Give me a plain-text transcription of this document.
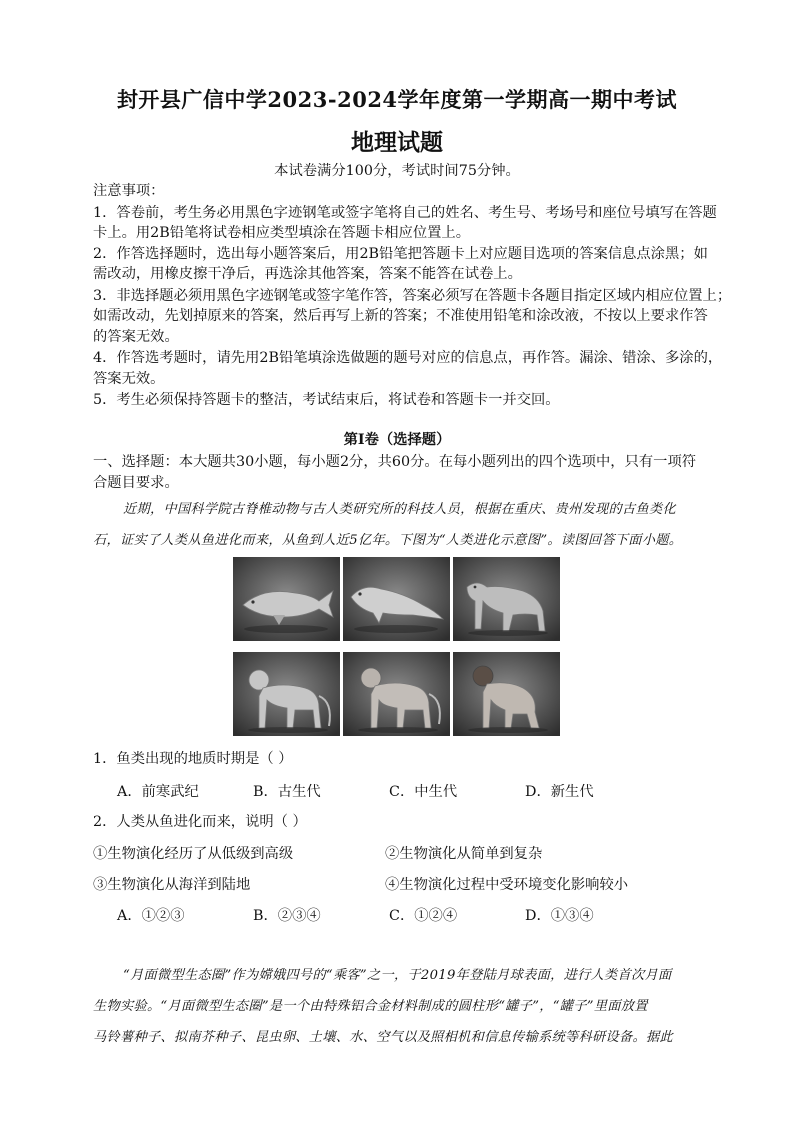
封开县广信中学2023-2024学年度第一学期高一期中考试
地理试题
本试卷满分100分，考试时间75分钟。
注意事项：
1．答卷前，考生务必用黑色字迹钢笔或签字笔将自己的姓名、考生号、考场号和座位号填写在答题
卡上。用2B铅笔将试卷相应类型填涂在答题卡相应位置上。
2．作答选择题时，选出每小题答案后，用2B铅笔把答题卡上对应题目选项的答案信息点涂黑；如
需改动，用橡皮擦干净后，再选涂其他答案，答案不能答在试卷上。
3．非选择题必须用黑色字迹钢笔或签字笔作答，答案必须写在答题卡各题目指定区域内相应位置上；
如需改动，先划掉原来的答案，然后再写上新的答案；不准使用铅笔和涂改液，不按以上要求作答
的答案无效。
4．作答选考题时，请先用2B铅笔填涂选做题的题号对应的信息点，再作答。漏涂、错涂、多涂的，
答案无效。
5．考生必须保持答题卡的整洁，考试结束后，将试卷和答题卡一并交回。
第Ⅰ卷（选择题）
一、选择题：本大题共30小题，每小题2分，共60分。在每小题列出的四个选项中，只有一项符
合题目要求。
近期，中国科学院古脊椎动物与古人类研究所的科技人员，根据在重庆、贵州发现的古鱼类化
石，证实了人类从鱼进化而来，从鱼到人近5亿年。下图为“人类进化示意图”。读图回答下面小题。
1．鱼类出现的地质时期是（ ）
A．前寒武纪	B．古生代	C．中生代	D．新生代
2．人类从鱼进化而来，说明（ ）
①生物演化经历了从低级到高级	②生物演化从简单到复杂
③生物演化从海洋到陆地	④生物演化过程中受环境变化影响较小
A．①②③	B．②③④	C．①②④	D．①③④
“月面微型生态圈”作为嫦娥四号的“乘客”之一，于2019年登陆月球表面，进行人类首次月面
生物实验。“月面微型生态圈”是一个由特殊铝合金材料制成的圆柱形“罐子”，“罐子”里面放置
马铃薯种子、拟南芥种子、昆虫卵、土壤、水、空气以及照相机和信息传输系统等科研设备。据此
